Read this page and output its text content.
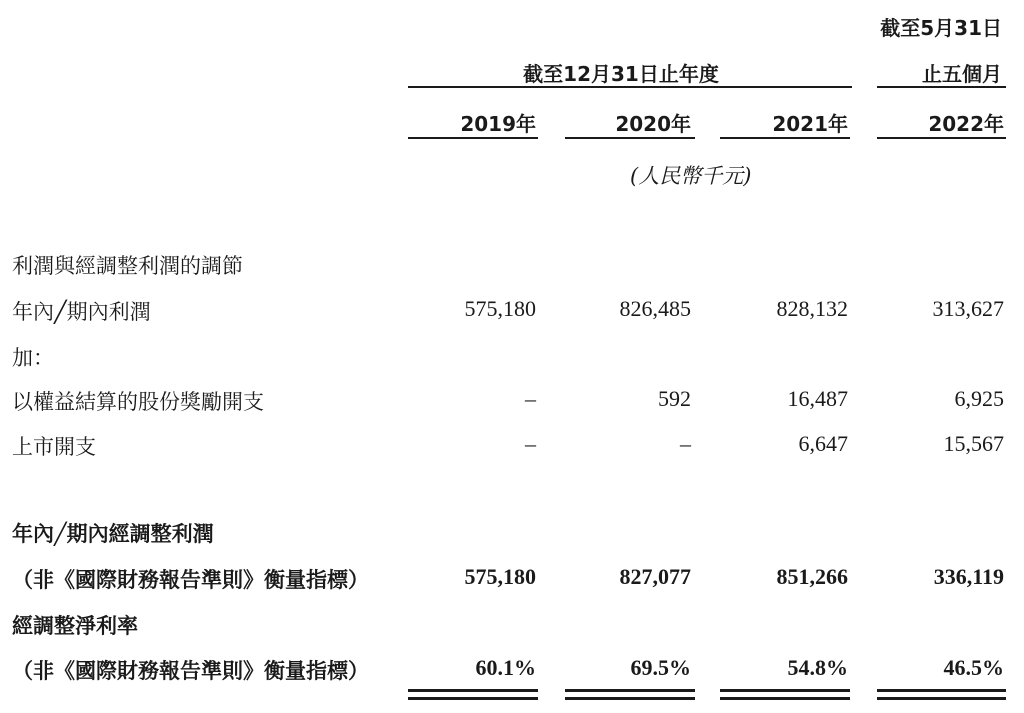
截至5月31日
截至12月31日止年度	止五個月
2019年	2020年	2021年	2022年
(人民幣千元)
利潤與經調整利潤的調節
年內╱期內利潤	575,180	826,485	828,132	313,627
加：
以權益結算的股份獎勵開支	–	592	16,487	6,925
上市開支	–	–	6,647	15,567
年內╱期內經調整利潤
（非《國際財務報告準則》衡量指標）	575,180	827,077	851,266	336,119
經調整淨利率
（非《國際財務報告準則》衡量指標）	60.1%	69.5%	54.8%	46.5%
